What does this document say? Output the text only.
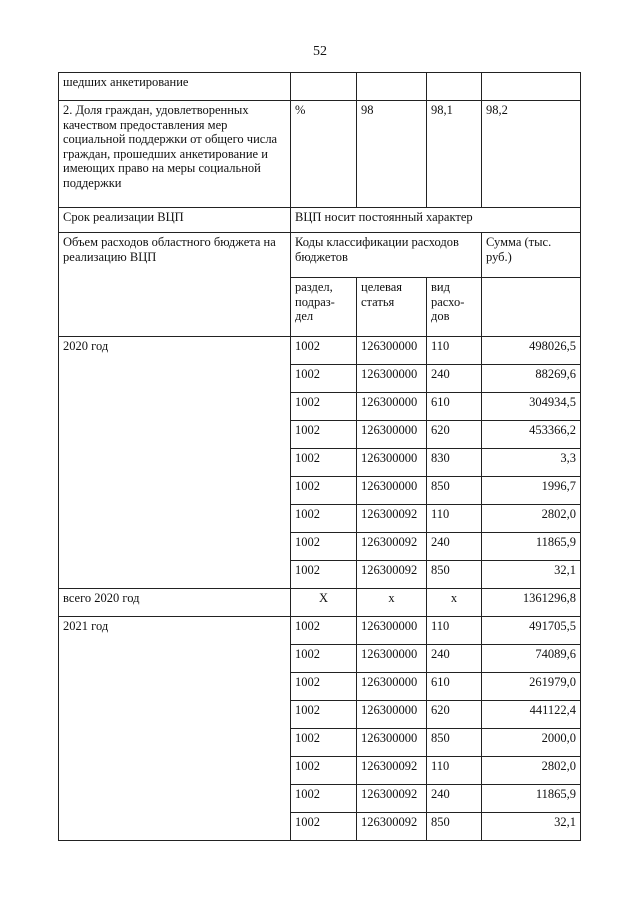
52
шедших анкетирование				
2. Доля граждан, удовлетворенных качеством предоставления мер социальной поддержки от общего числа граждан, прошедших анкетирование и имеющих право на меры социальной поддержки	%	98	98,1	98,2
Срок реализации ВЦП	ВЦП носит постоянный характер			
Объем расходов областного бюджета на реализацию ВЦП	Коды классификации расходов бюджетов			Сумма (тыс. руб.)
	раздел, подраз-дел	целевая статья	вид расхо-дов	
2020 год	1002	126300000	110	498026,5
	1002	126300000	240	88269,6
	1002	126300000	610	304934,5
	1002	126300000	620	453366,2
	1002	126300000	830	3,3
	1002	126300000	850	1996,7
	1002	126300092	110	2802,0
	1002	126300092	240	11865,9
	1002	126300092	850	32,1
всего 2020 год	Х	х	х	1361296,8
2021 год	1002	126300000	110	491705,5
	1002	126300000	240	74089,6
	1002	126300000	610	261979,0
	1002	126300000	620	441122,4
	1002	126300000	850	2000,0
	1002	126300092	110	2802,0
	1002	126300092	240	11865,9
	1002	126300092	850	32,1
